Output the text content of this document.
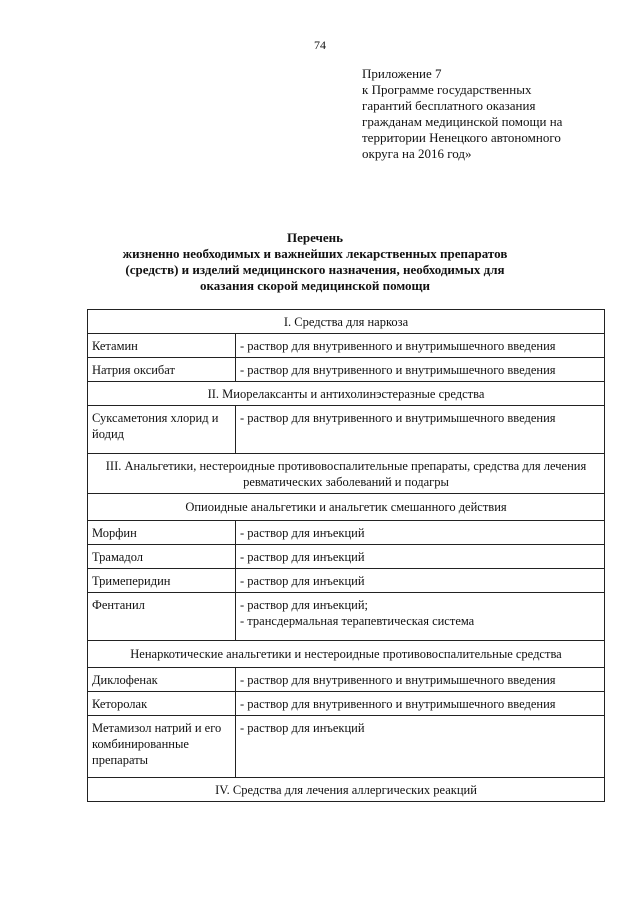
74
Приложение 7
к Программе государственных
гарантий бесплатного оказания
гражданам медицинской помощи на
территории Ненецкого автономного
округа на 2016 год»
Перечень
жизненно необходимых и важнейших лекарственных препаратов
(средств) и изделий медицинского назначения, необходимых для
оказания скорой медицинской помощи
I. Средства для наркоза	
Кетамин	- раствор для внутривенного и внутримышечного введения

Натрия оксибат	- раствор для внутривенного и внутримышечного введения

II. Миорелаксанты и антихолинэстеразные средства	
Суксаметония хлорид и йодид	- раствор для внутривенного и внутримышечного введения

III. Анальгетики, нестероидные противовоспалительные препараты, средства для лечения ревматических заболеваний и подагры	
Опиоидные анальгетики и анальгетик смешанного действия	
Морфин	- раствор для инъекций

Трамадол	- раствор для инъекций

Тримеперидин	- раствор для инъекций

Фентанил	- раствор для инъекций;
- трансдермальная терапевтическая система

Ненаркотические анальгетики и нестероидные противовоспалительные средства	
Диклофенак	- раствор для внутривенного и внутримышечного введения

Кеторолак	- раствор для внутривенного и внутримышечного введения

Метамизол натрий и его комбинированные препараты	- раствор для инъекций

IV. Средства для лечения аллергических реакций	
